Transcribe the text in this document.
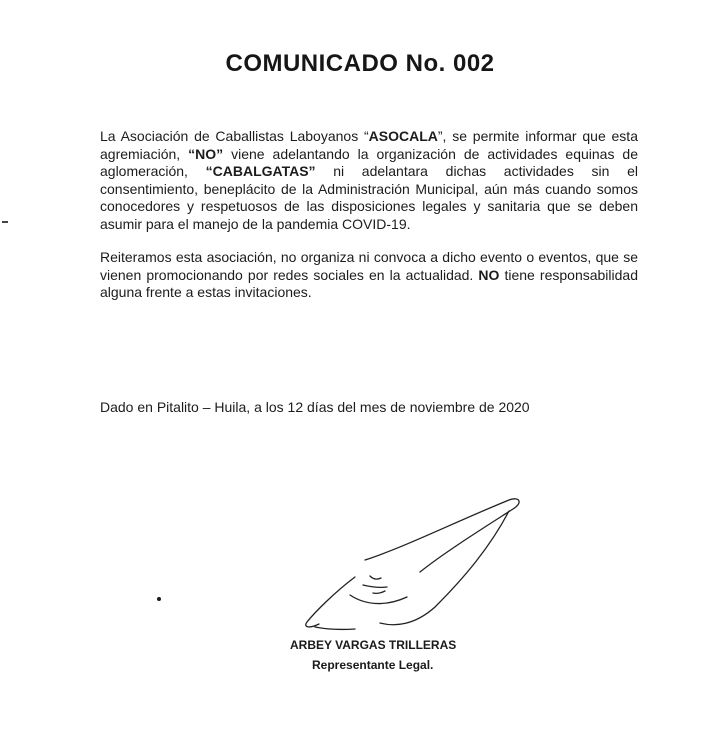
COMUNICADO No. 002

La Asociación de Caballistas Laboyanos “ASOCALA”, se permite informar que esta agremiación, “NO” viene adelantando la organización de actividades equinas de aglomeración, “CABALGATAS” ni adelantara dichas actividades sin el consentimiento, beneplácito de la Administración Municipal, aún más cuando somos conocedores y respetuosos de las disposiciones legales y sanitaria que se deben asumir para el manejo de la pandemia COVID-19.

Reiteramos esta asociación, no organiza ni convoca a dicho evento o eventos, que se vienen promocionando por redes sociales en la actualidad. NO tiene responsabilidad alguna frente a estas invitaciones.

Dado en Pitalito – Huila, a los 12 días del mes de noviembre de 2020

ARBEY VARGAS TRILLERAS
Representante Legal.
